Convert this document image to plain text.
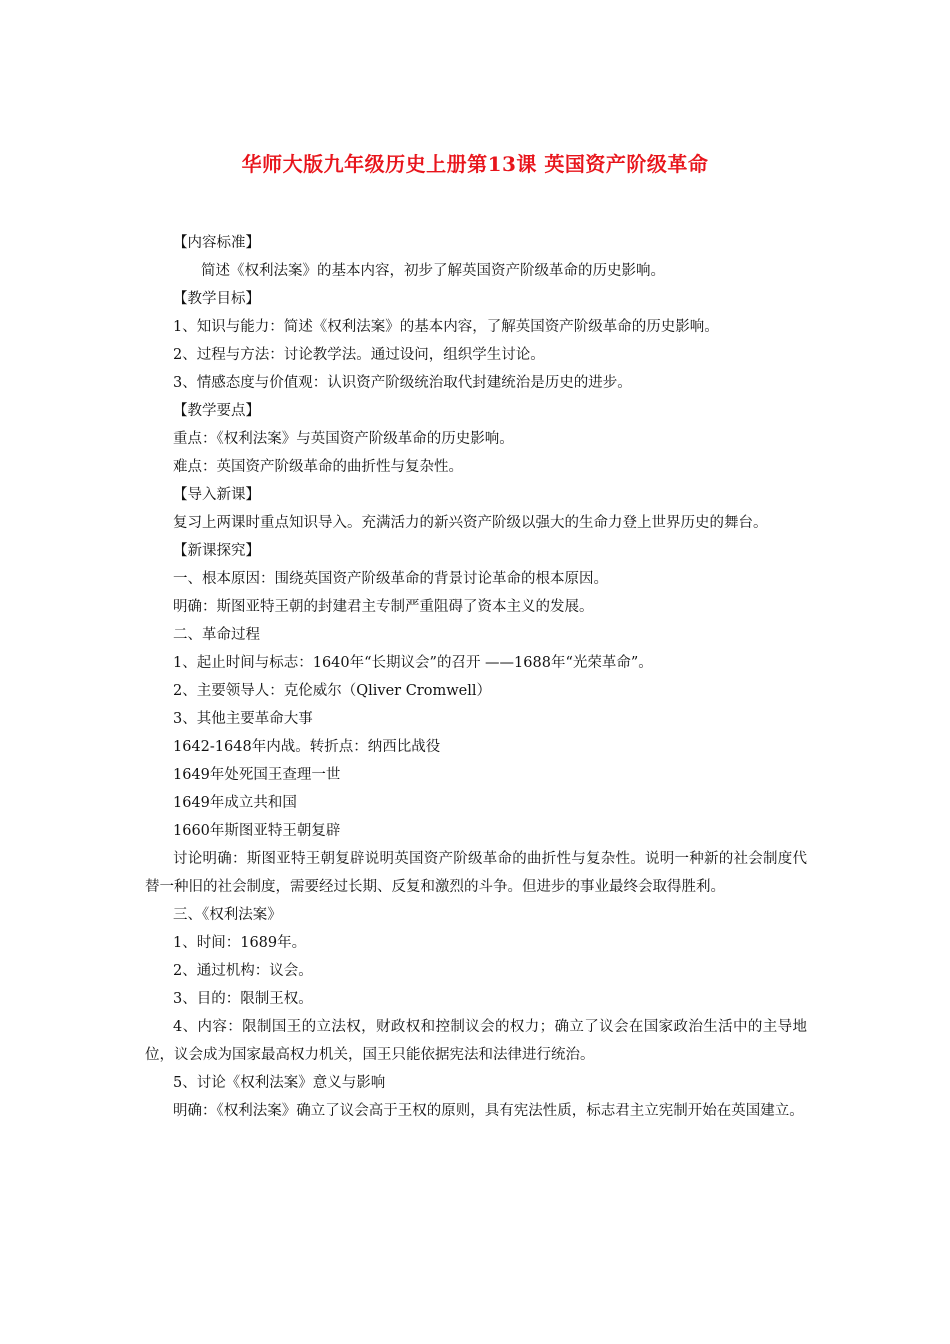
华师大版九年级历史上册第13课 英国资产阶级革命

【内容标准】

简述《权利法案》的基本内容，初步了解英国资产阶级革命的历史影响。

【教学目标】

1、知识与能力：简述《权利法案》的基本内容，了解英国资产阶级革命的历史影响。

2、过程与方法：讨论教学法。通过设问，组织学生讨论。

3、情感态度与价值观：认识资产阶级统治取代封建统治是历史的进步。

【教学要点】

重点：《权利法案》与英国资产阶级革命的历史影响。

难点：英国资产阶级革命的曲折性与复杂性。

【导入新课】

复习上两课时重点知识导入。充满活力的新兴资产阶级以强大的生命力登上世界历史的舞台。

【新课探究】

一、根本原因：围绕英国资产阶级革命的背景讨论革命的根本原因。

明确：斯图亚特王朝的封建君主专制严重阻碍了资本主义的发展。

二、革命过程

1、起止时间与标志：1640年“长期议会”的召开 ——1688年“光荣革命”。

2、主要领导人：克伦威尔（Qliver Cromwell）

3、其他主要革命大事

1642-1648年内战。转折点：纳西比战役

1649年处死国王查理一世

1649年成立共和国

1660年斯图亚特王朝复辟

讨论明确：斯图亚特王朝复辟说明英国资产阶级革命的曲折性与复杂性。说明一种新的社会制度代替一种旧的社会制度，需要经过长期、反复和激烈的斗争。但进步的事业最终会取得胜利。

三、《权利法案》

1、时间：1689年。

2、通过机构：议会。

3、目的：限制王权。

4、内容：限制国王的立法权，财政权和控制议会的权力；确立了议会在国家政治生活中的主导地位，议会成为国家最高权力机关，国王只能依据宪法和法律进行统治。

5、讨论《权利法案》意义与影响

明确：《权利法案》确立了议会高于王权的原则，具有宪法性质，标志君主立宪制开始在英国建立。
